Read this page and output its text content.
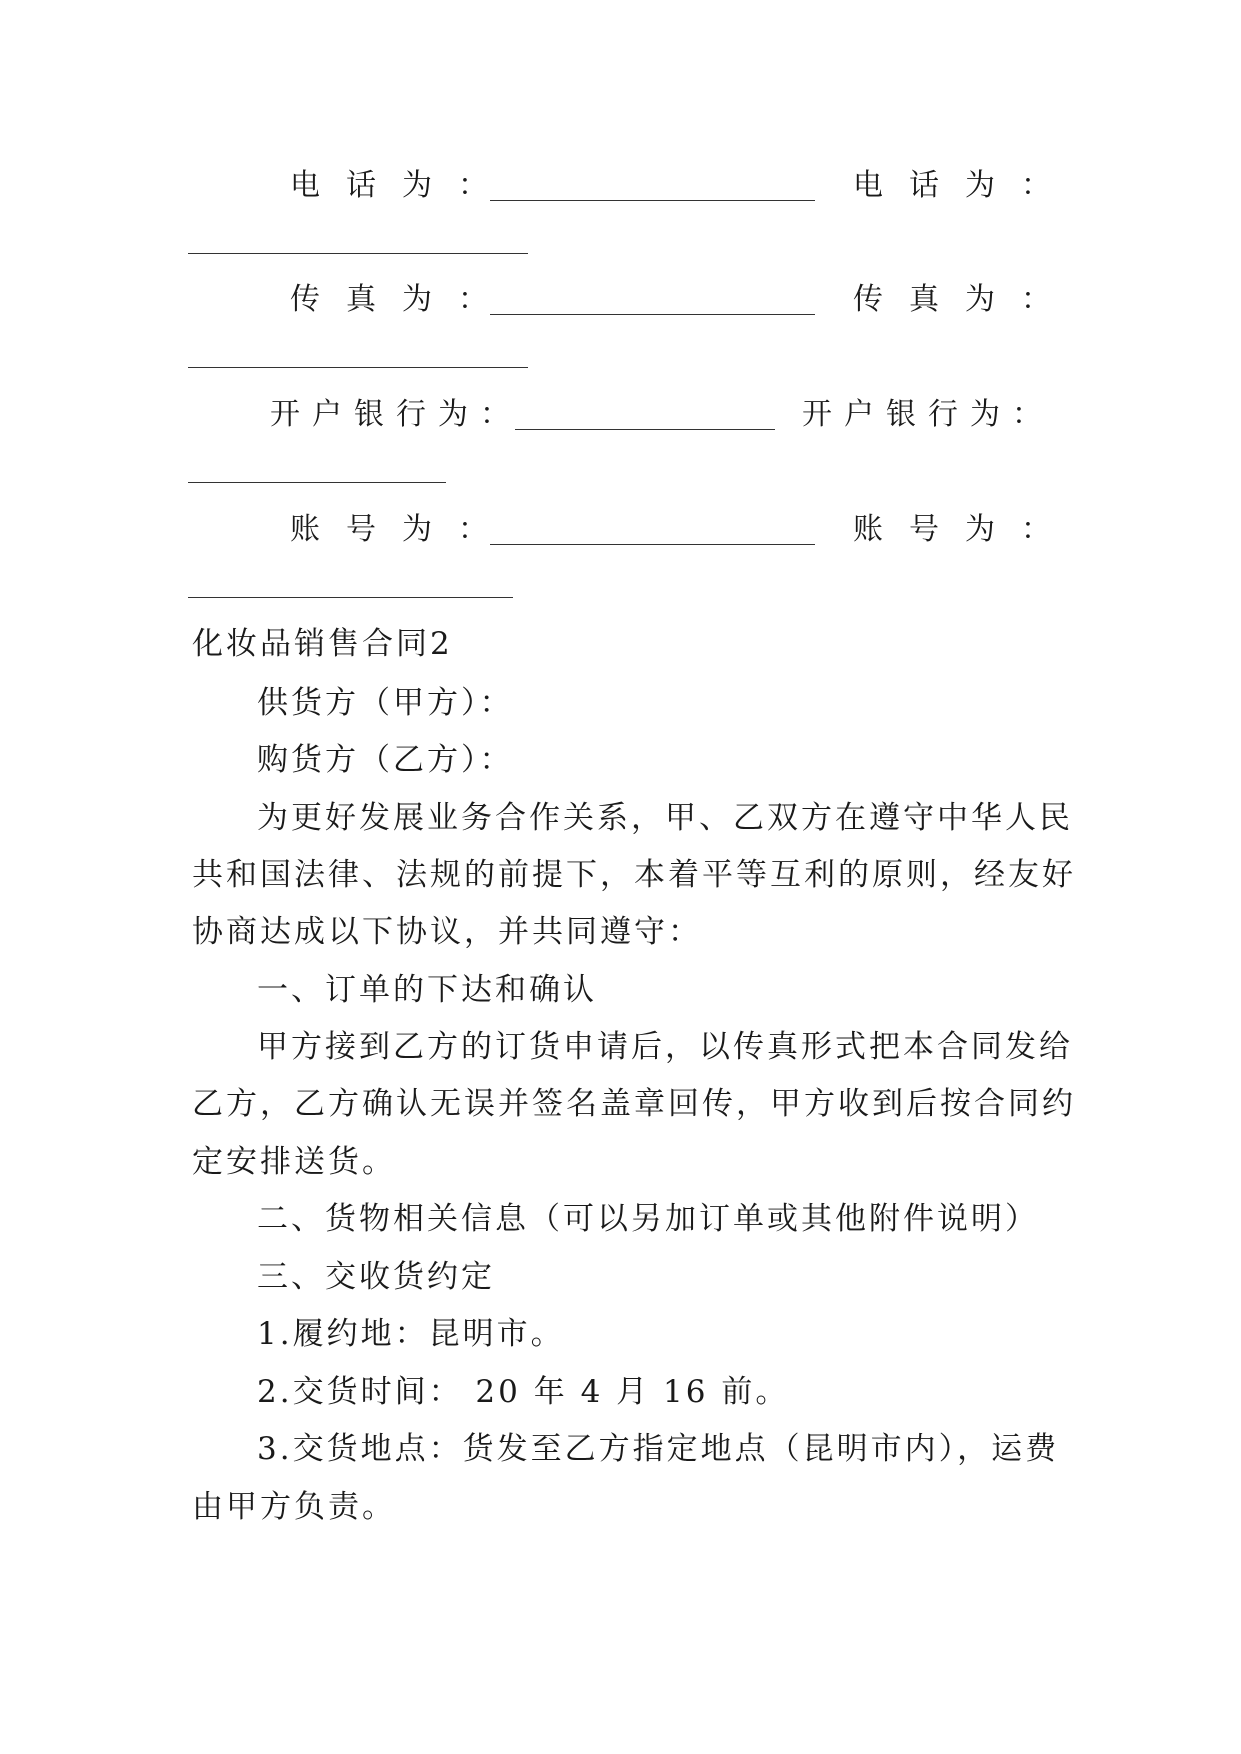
电话为：	电话为：
传真为：	传真为：
开户银行为：	开户银行为：
账号为：	账号为：
化妆品销售合同2
供货方（甲方）：
购货方（乙方）：
为更好发展业务合作关系，甲、乙双方在遵守中华人民
共和国法律、法规的前提下，本着平等互利的原则，经友好
协商达成以下协议，并共同遵守：
一、订单的下达和确认
甲方接到乙方的订货申请后，以传真形式把本合同发给
乙方，乙方确认无误并签名盖章回传，甲方收到后按合同约
定安排送货。
二、货物相关信息（可以另加订单或其他附件说明）
三、交收货约定
1.履约地：昆明市。
2.交货时间： 20 年 4 月 16 前。
3.交货地点：货发至乙方指定地点（昆明市内），运费
由甲方负责。
